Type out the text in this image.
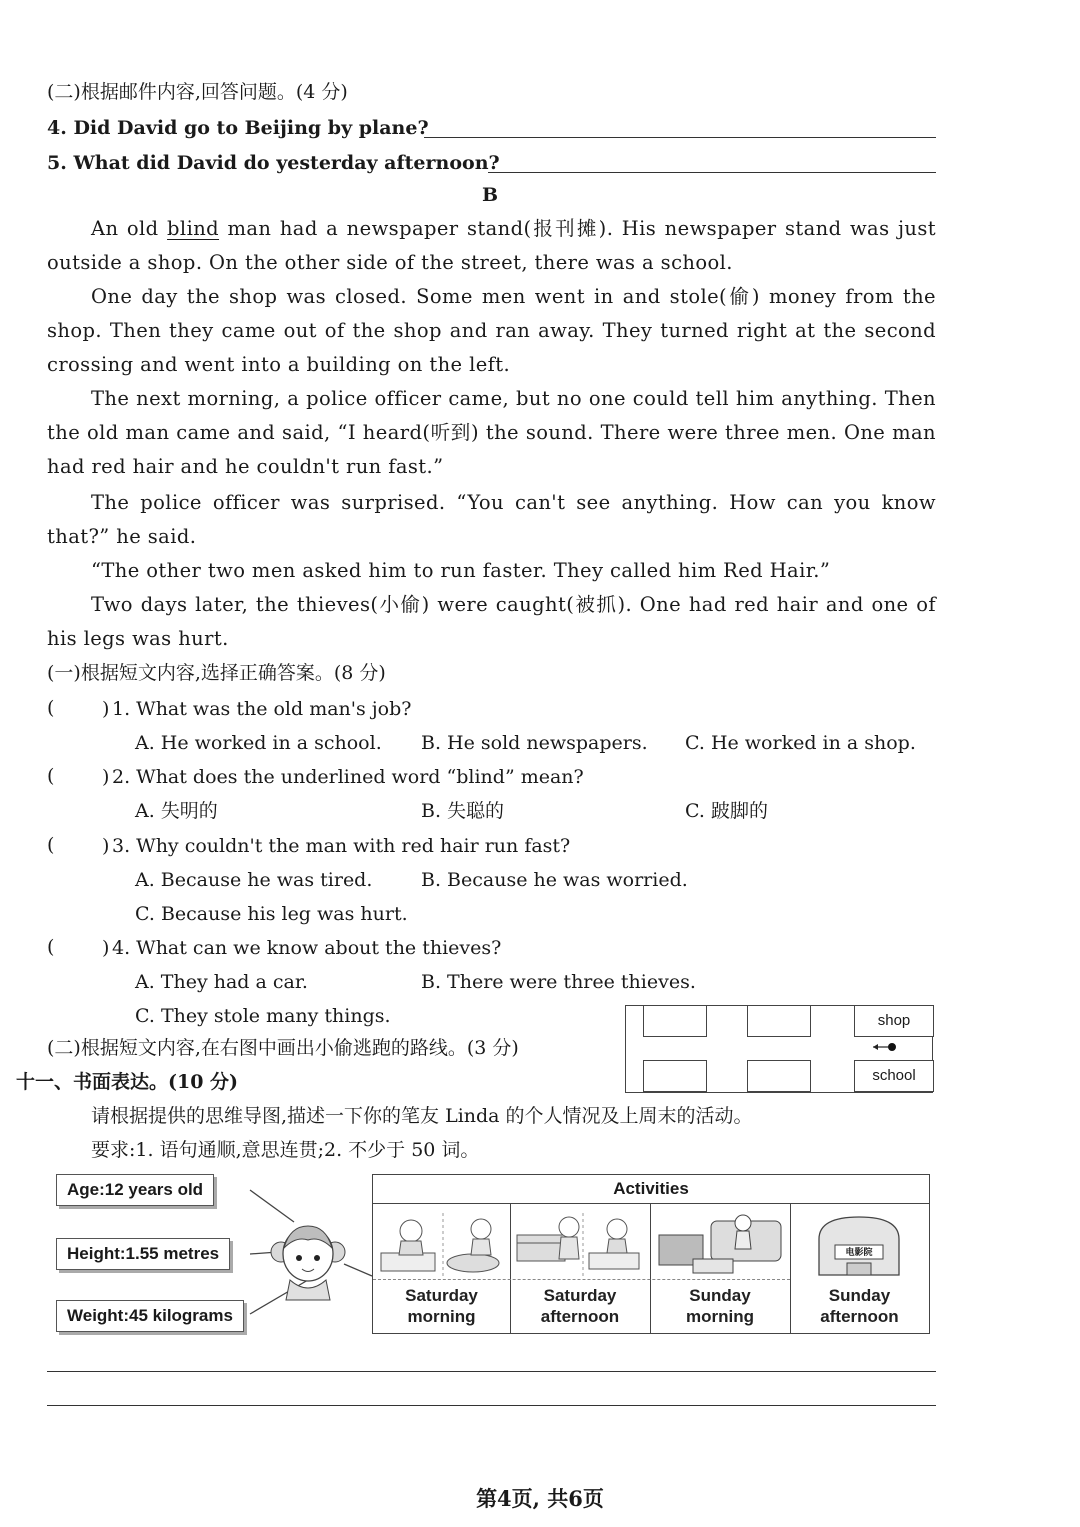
(二)根据邮件内容,回答问题。(4 分)
4. Did David go to Beijing by plane?
5. What did David do yesterday afternoon?
B
An old blind man had a newspaper stand(报刊摊). His newspaper stand was just outside a shop. On the other side of the street, there was a school.
One day the shop was closed. Some men went in and stole(偷) money from the shop. Then they came out of the shop and ran away. They turned right at the second crossing and went into a building on the left.
The next morning, a police officer came, but no one could tell him anything. Then the old man came and said, “I heard(听到) the sound. There were three men. One man had red hair and he couldn't run fast.”
The police officer was surprised. “You can't see anything. How can you know that?” he said.
“The other two men asked him to run faster. They called him Red Hair.”
Two days later, the thieves(小偷) were caught(被抓). One had red hair and one of his legs was hurt.
(一)根据短文内容,选择正确答案。(8 分)
(	) 1. What was the old man's job?
A. He worked in a school. B. He sold newspapers. C. He worked in a shop.
(	) 2. What does the underlined word “blind” mean?
A. 失明的	B. 失聪的	C. 跛脚的
(	) 3. Why couldn't the man with red hair run fast?
A. Because he was tired.	B. Because he was worried.
C. Because his leg was hurt.
(	) 4. What can we know about the thieves?
A. They had a car.	B. There were three thieves.
C. They stole many things.	shop
school
(二)根据短文内容,在右图中画出小偷逃跑的路线。(3 分)
十一、书面表达。(10 分)
请根据提供的思维导图,描述一下你的笔友 Linda 的个人情况及上周末的活动。
要求:1. 语句通顺,意思连贯;2. 不少于 50 词。
Age:12 years old
Height:1.55 metres
Weight:45 kilograms
Activities
电影院
Saturday
morning
Saturday
afternoon
Sunday
morning
Sunday
afternoon
第4页, 共6页
